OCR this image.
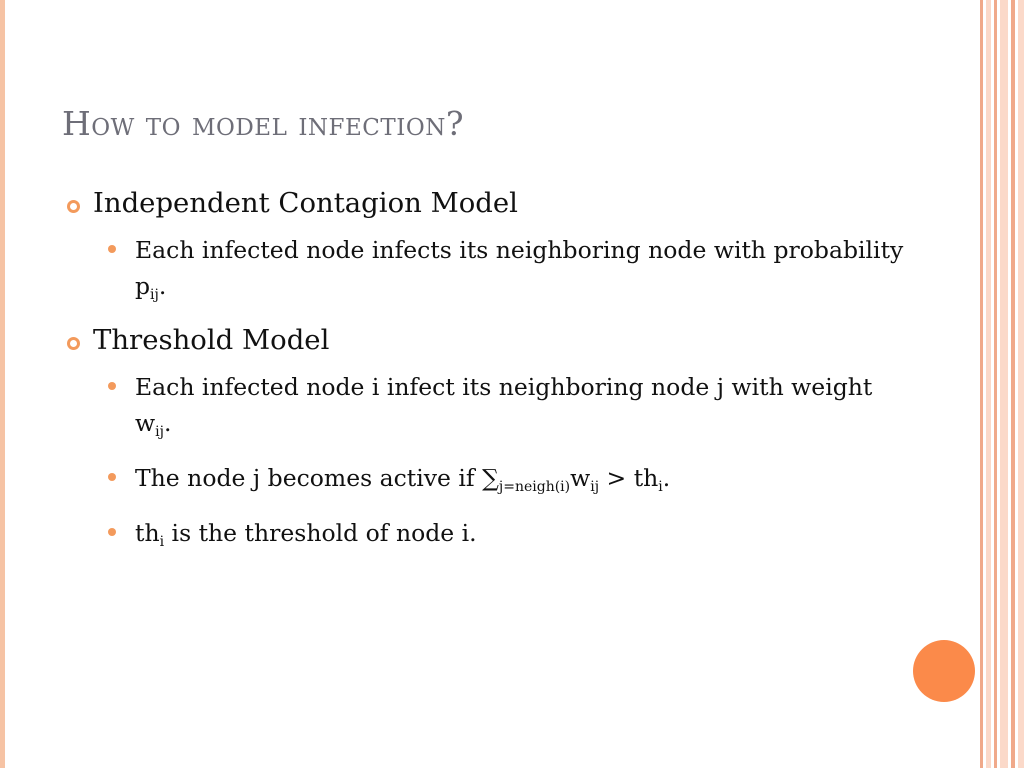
How to model infection?
Independent Contagion Model
Each infected node infects its neighboring node with probability $p_{ij}$.
Threshold Model
Each infected node i infect its neighboring node j with weight $w_{ij}$.
The node j becomes active if $\sum_{j=neigh(i)}w_{ij} > th_i$.
$th_i$ is the threshold of node i.
